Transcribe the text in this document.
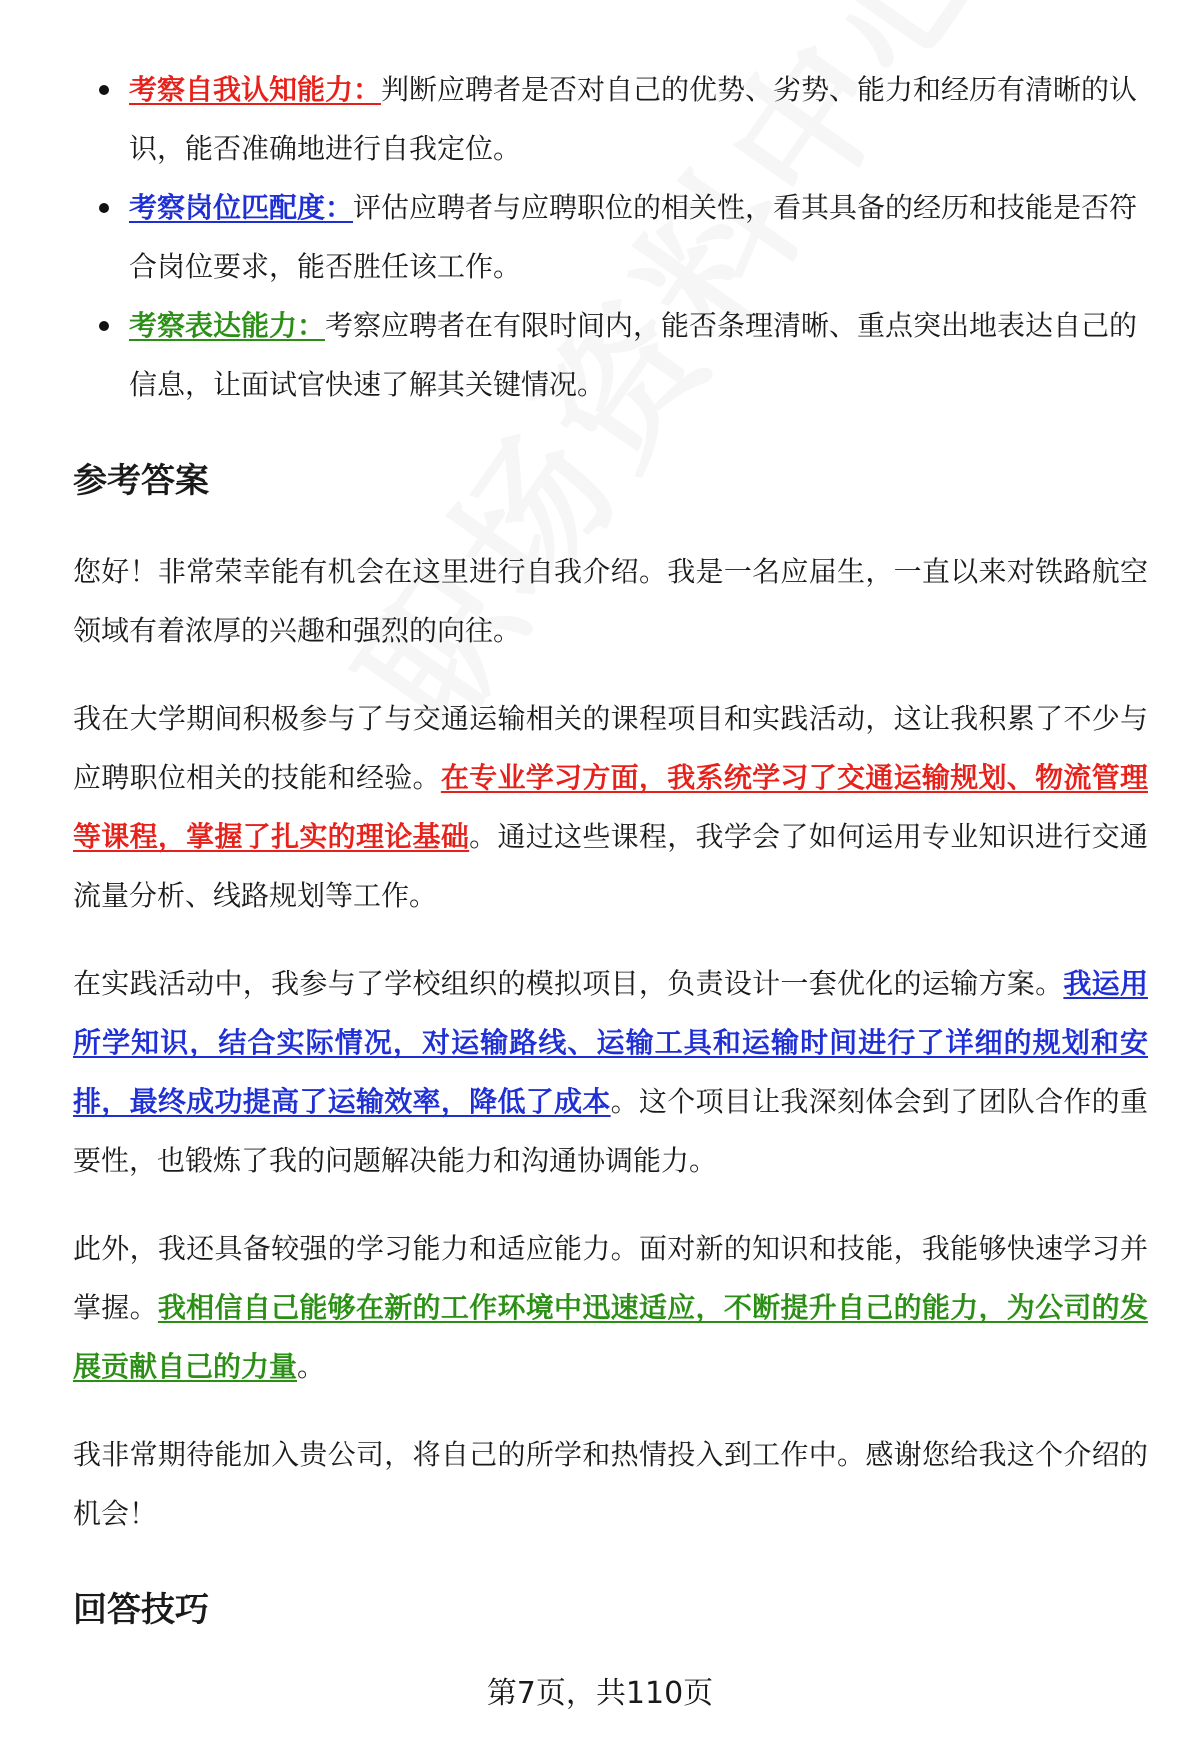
考察自我认知能力：判断应聘者是否对自己的优势、劣势、能力和经历有清晰的认识，能否准确地进行自我定位。
考察岗位匹配度：评估应聘者与应聘职位的相关性，看其具备的经历和技能是否符合岗位要求，能否胜任该工作。
考察表达能力：考察应聘者在有限时间内，能否条理清晰、重点突出地表达自己的信息，让面试官快速了解其关键情况。
参考答案

您好！非常荣幸能有机会在这里进行自我介绍。我是一名应届生，一直以来对铁路航空领域有着浓厚的兴趣和强烈的向往。

我在大学期间积极参与了与交通运输相关的课程项目和实践活动，这让我积累了不少与应聘职位相关的技能和经验。在专业学习方面，我系统学习了交通运输规划、物流管理等课程，掌握了扎实的理论基础。通过这些课程，我学会了如何运用专业知识进行交通流量分析、线路规划等工作。

在实践活动中，我参与了学校组织的模拟项目，负责设计一套优化的运输方案。我运用所学知识，结合实际情况，对运输路线、运输工具和运输时间进行了详细的规划和安排，最终成功提高了运输效率，降低了成本。这个项目让我深刻体会到了团队合作的重要性，也锻炼了我的问题解决能力和沟通协调能力。

此外，我还具备较强的学习能力和适应能力。面对新的知识和技能，我能够快速学习并掌握。我相信自己能够在新的工作环境中迅速适应，不断提升自己的能力，为公司的发展贡献自己的力量。

我非常期待能加入贵公司，将自己的所学和热情投入到工作中。感谢您给我这个介绍的机会！

回答技巧
第7页，共110页
